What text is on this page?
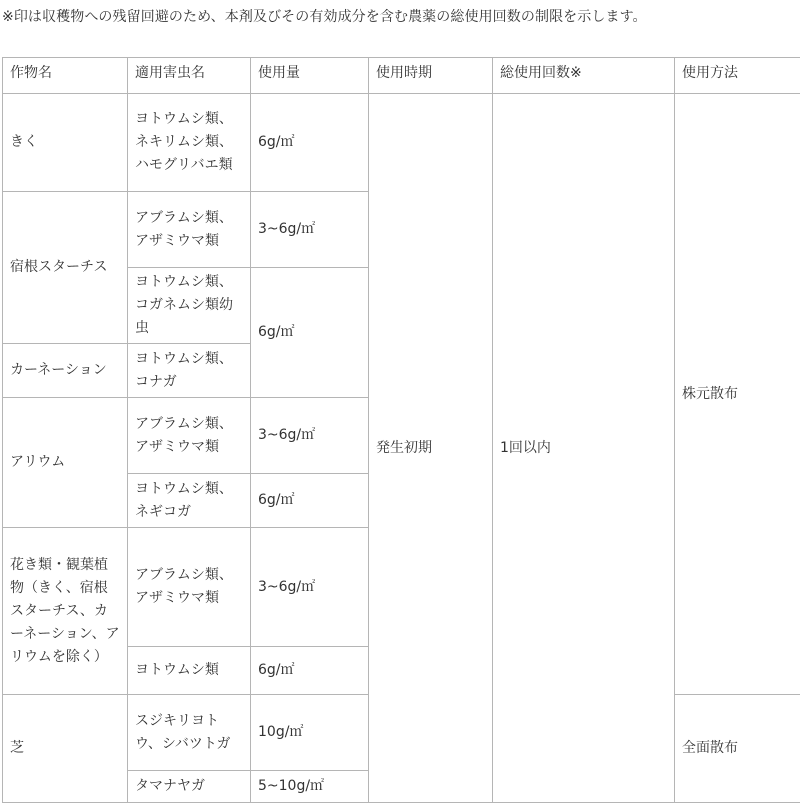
※印は収穫物への残留回避のため、本剤及びその有効成分を含む農薬の総使用回数の制限を示します。
作物名	適用害虫名	使用量	使用時期	総使用回数※	使用方法
きく	ヨトウムシ類、ネキリムシ類、ハモグリバエ類	6g/㎡	発生初期	1回以内	株元散布
宿根スターチス	アブラムシ類、アザミウマ類	3~6g/㎡			
	ヨトウムシ類、コガネムシ類幼虫	6g/㎡			
カーネーション	ヨトウムシ類、コナガ				
アリウム	アブラムシ類、アザミウマ類	3~6g/㎡			
	ヨトウムシ類、ネギコガ	6g/㎡			
花き類・観葉植物（きく、宿根スターチス、カーネーション、アリウムを除く）	アブラムシ類、アザミウマ類	3~6g/㎡			
	ヨトウムシ類	6g/㎡			
芝	スジキリヨトウ、シバツトガ	10g/㎡			全面散布
	タマナヤガ	5~10g/㎡			
